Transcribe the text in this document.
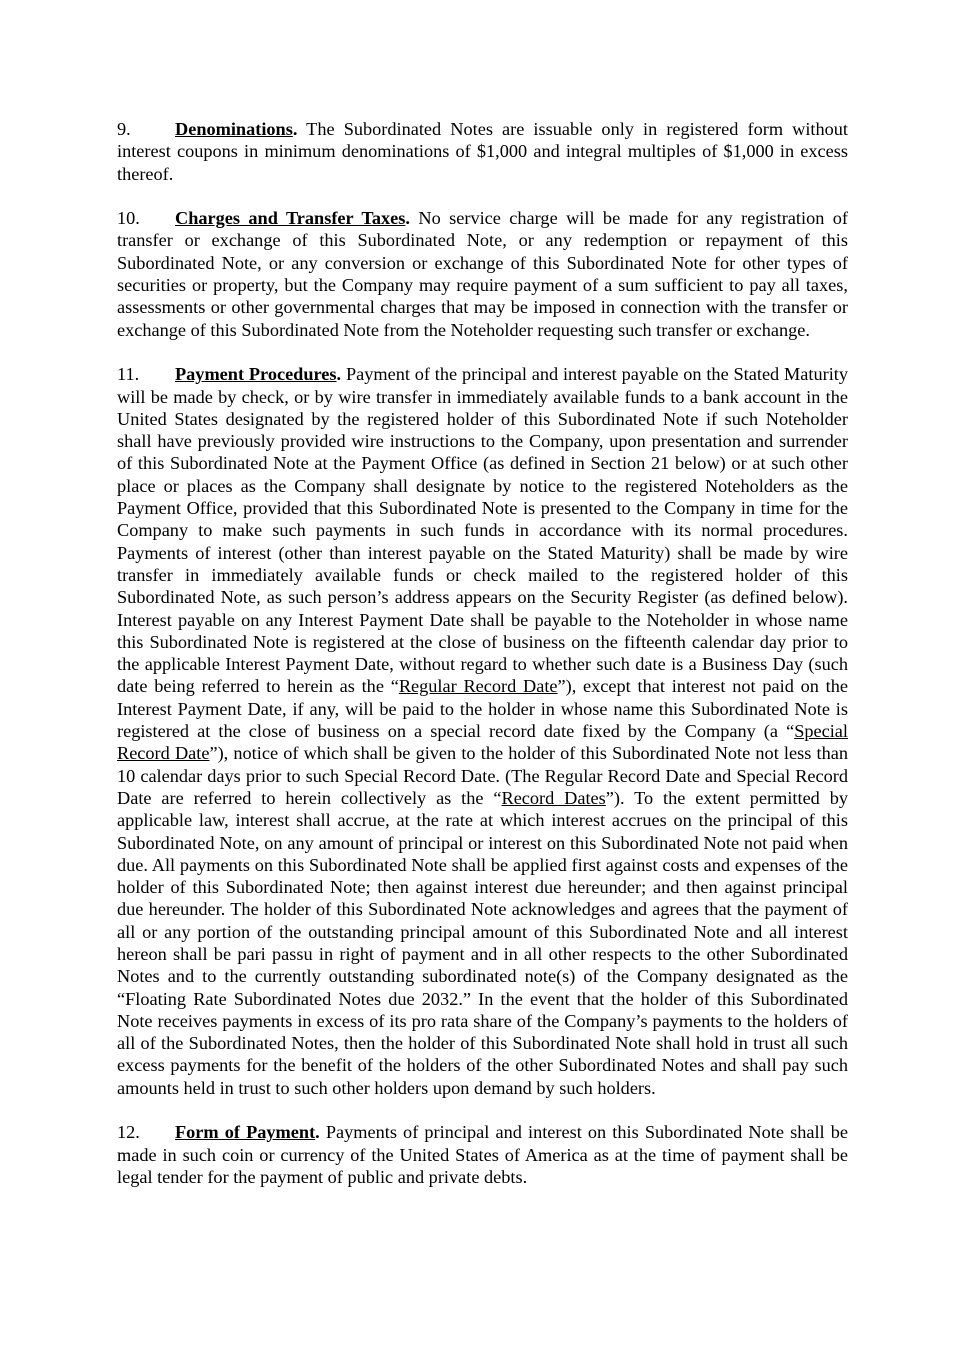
9. Denominations. The Subordinated Notes are issuable only in registered form without interest coupons in minimum denominations of $1,000 and integral multiples of $1,000 in excess thereof.

10. Charges and Transfer Taxes. No service charge will be made for any registration of transfer or exchange of this Subordinated Note, or any redemption or repayment of this Subordinated Note, or any conversion or exchange of this Subordinated Note for other types of securities or property, but the Company may require payment of a sum sufficient to pay all taxes, assessments or other governmental charges that may be imposed in connection with the transfer or exchange of this Subordinated Note from the Noteholder requesting such transfer or exchange.

11. Payment Procedures. Payment of the principal and interest payable on the Stated Maturity will be made by check, or by wire transfer in immediately available funds to a bank account in the United States designated by the registered holder of this Subordinated Note if such Noteholder shall have previously provided wire instructions to the Company, upon presentation and surrender of this Subordinated Note at the Payment Office (as defined in Section 21 below) or at such other place or places as the Company shall designate by notice to the registered Noteholders as the Payment Office, provided that this Subordinated Note is presented to the Company in time for the Company to make such payments in such funds in accordance with its normal procedures. Payments of interest (other than interest payable on the Stated Maturity) shall be made by wire transfer in immediately available funds or check mailed to the registered holder of this Subordinated Note, as such person’s address appears on the Security Register (as defined below). Interest payable on any Interest Payment Date shall be payable to the Noteholder in whose name this Subordinated Note is registered at the close of business on the fifteenth calendar day prior to the applicable Interest Payment Date, without regard to whether such date is a Business Day (such date being referred to herein as the “Regular Record Date”), except that interest not paid on the Interest Payment Date, if any, will be paid to the holder in whose name this Subordinated Note is registered at the close of business on a special record date fixed by the Company (a “Special Record Date”), notice of which shall be given to the holder of this Subordinated Note not less than 10 calendar days prior to such Special Record Date. (The Regular Record Date and Special Record Date are referred to herein collectively as the “Record Dates”). To the extent permitted by applicable law, interest shall accrue, at the rate at which interest accrues on the principal of this Subordinated Note, on any amount of principal or interest on this Subordinated Note not paid when due. All payments on this Subordinated Note shall be applied first against costs and expenses of the holder of this Subordinated Note; then against interest due hereunder; and then against principal due hereunder. The holder of this Subordinated Note acknowledges and agrees that the payment of all or any portion of the outstanding principal amount of this Subordinated Note and all interest hereon shall be pari passu in right of payment and in all other respects to the other Subordinated Notes and to the currently outstanding subordinated note(s) of the Company designated as the “Floating Rate Subordinated Notes due 2032.” In the event that the holder of this Subordinated Note receives payments in excess of its pro rata share of the Company’s payments to the holders of all of the Subordinated Notes, then the holder of this Subordinated Note shall hold in trust all such excess payments for the benefit of the holders of the other Subordinated Notes and shall pay such amounts held in trust to such other holders upon demand by such holders.

12. Form of Payment. Payments of principal and interest on this Subordinated Note shall be made in such coin or currency of the United States of America as at the time of payment shall be legal tender for the payment of public and private debts.
